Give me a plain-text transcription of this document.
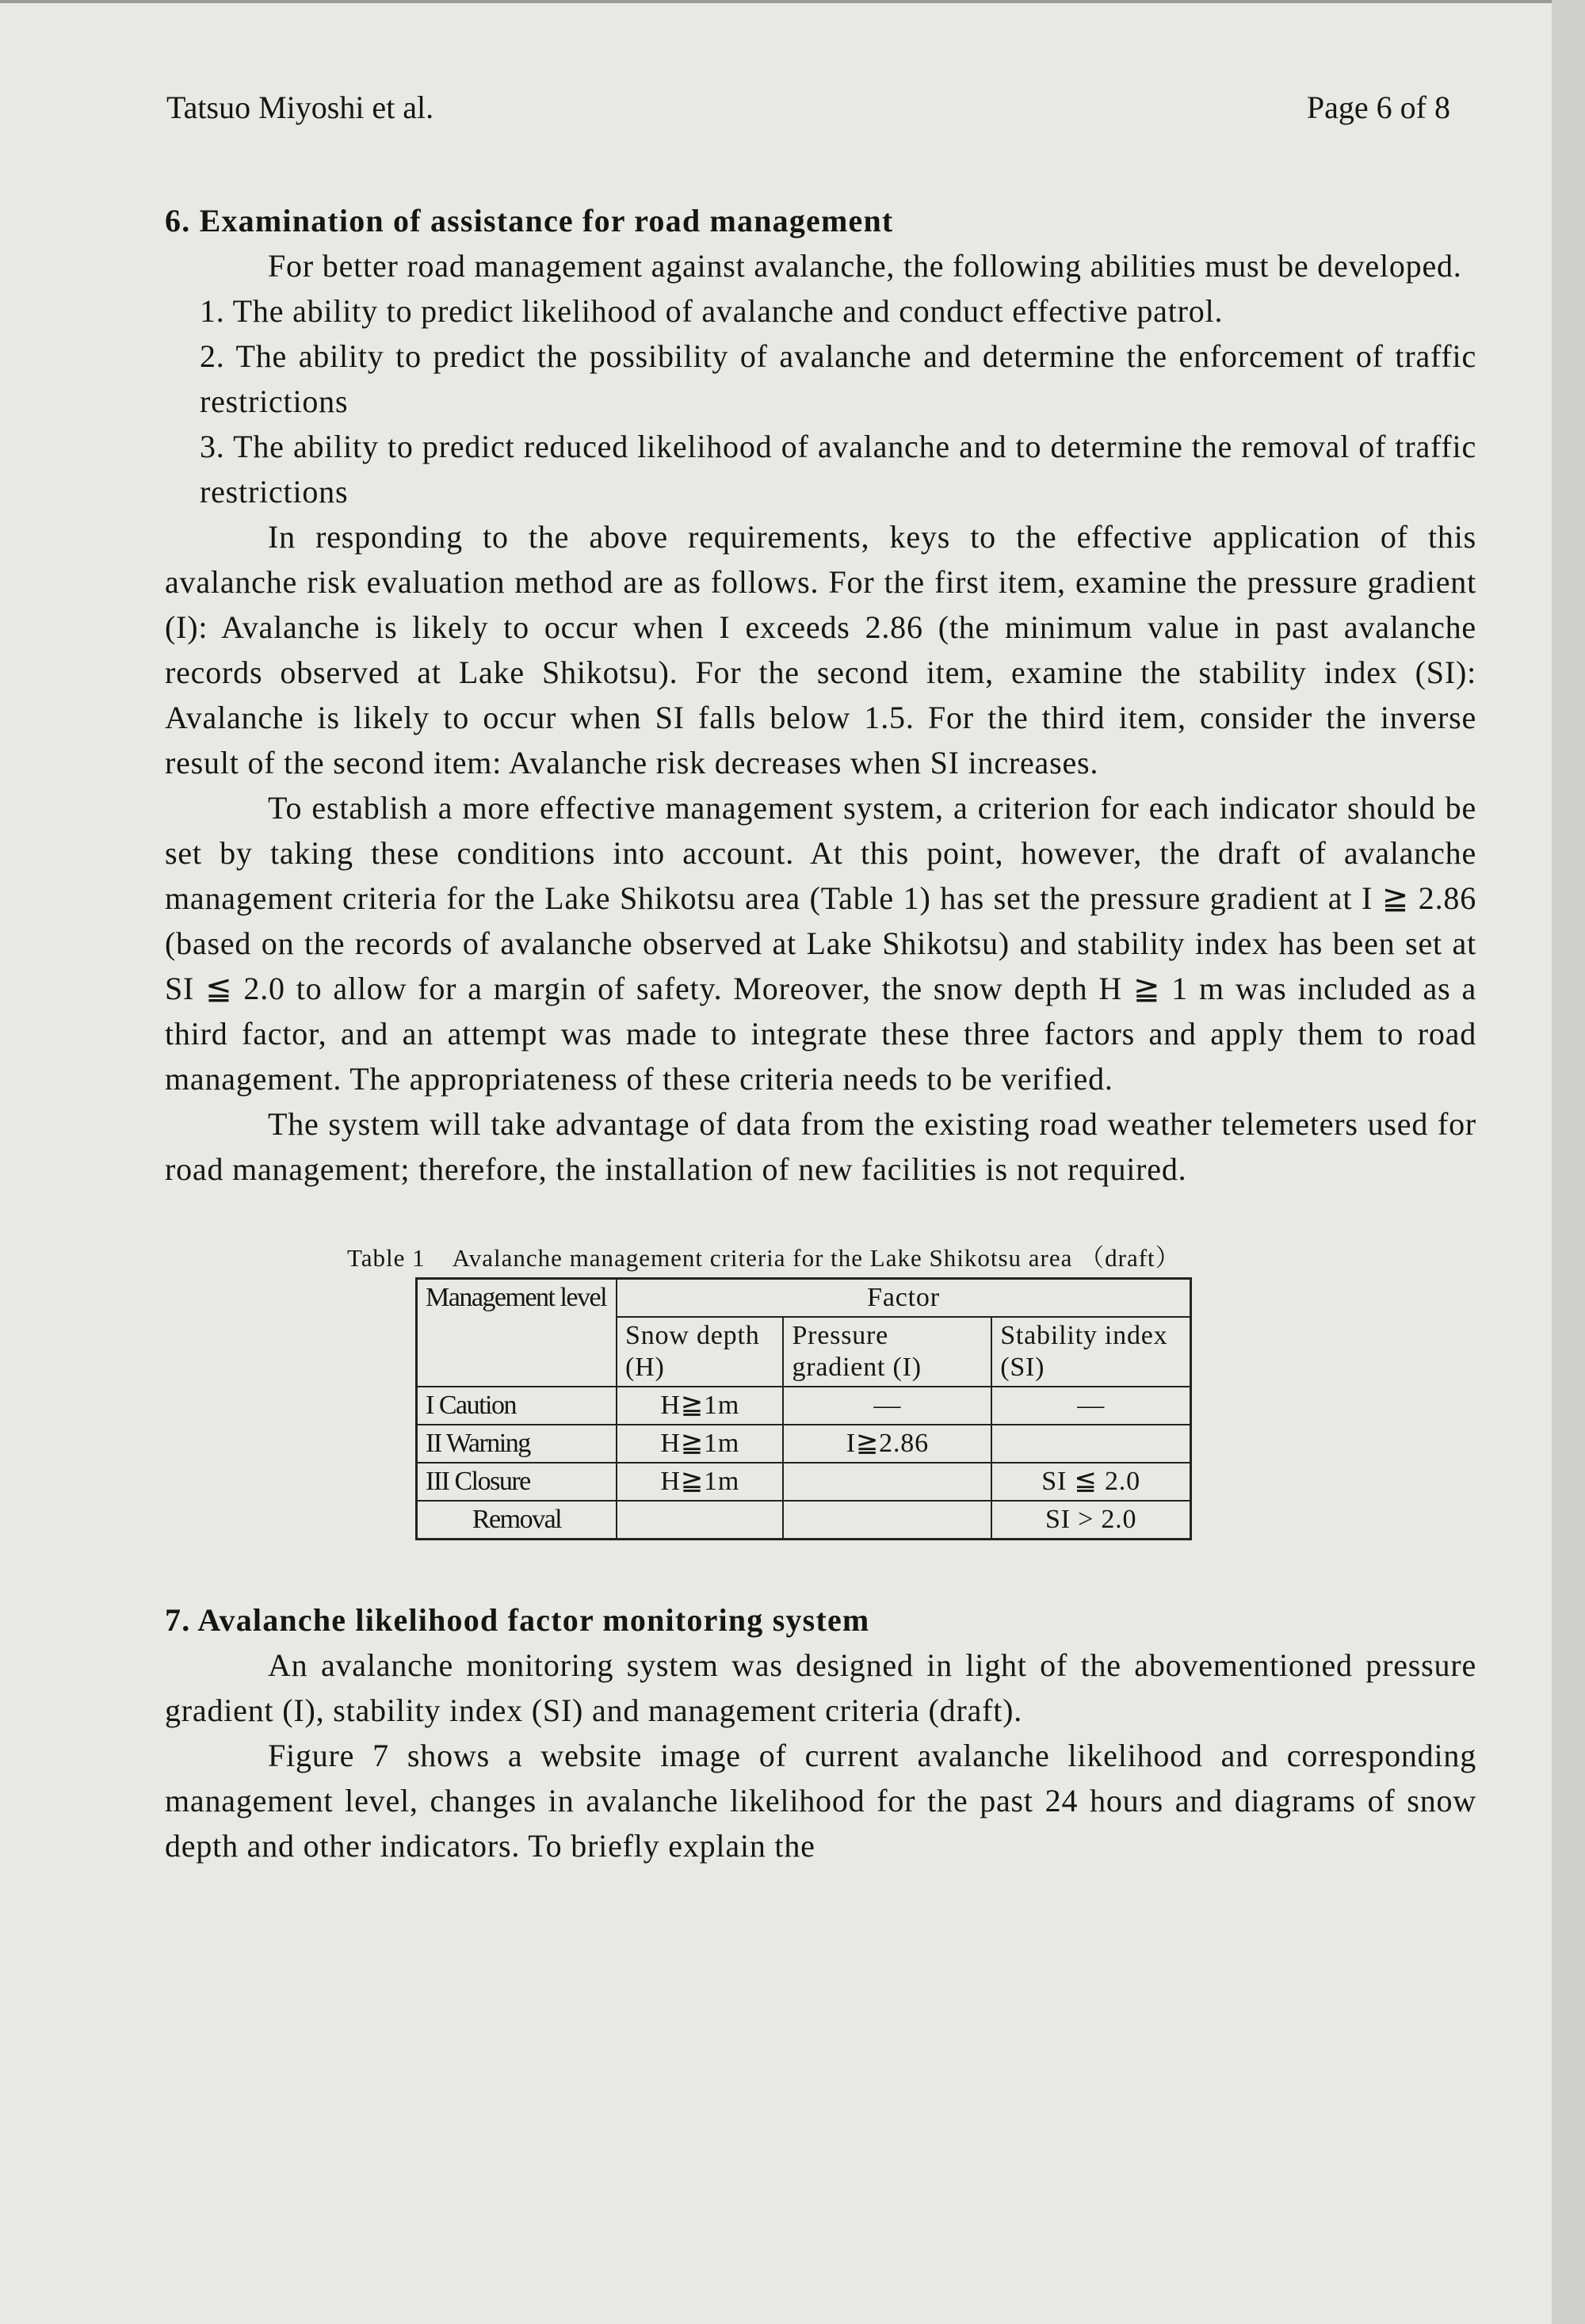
Tatsuo Miyoshi et al.	Page 6 of 8
6. Examination of assistance for road management

For better road management against avalanche, the following abilities must be developed.

1. The ability to predict likelihood of avalanche and conduct effective patrol.
2. The ability to predict the possibility of avalanche and determine the enforcement of traffic restrictions
3. The ability to predict reduced likelihood of avalanche and to determine the removal of traffic restrictions

In responding to the above requirements, keys to the effective application of this avalanche risk evaluation method are as follows. For the first item, examine the pressure gradient (I): Avalanche is likely to occur when I exceeds 2.86 (the minimum value in past avalanche records observed at Lake Shikotsu). For the second item, examine the stability index (SI): Avalanche is likely to occur when SI falls below 1.5. For the third item, consider the inverse result of the second item: Avalanche risk decreases when SI increases.

To establish a more effective management system, a criterion for each indicator should be set by taking these conditions into account. At this point, however, the draft of avalanche management criteria for the Lake Shikotsu area (Table 1) has set the pressure gradient at I ≧ 2.86 (based on the records of avalanche observed at Lake Shikotsu) and stability index has been set at SI ≦ 2.0 to allow for a margin of safety. Moreover, the snow depth H ≧ 1 m was included as a third factor, and an attempt was made to integrate these three factors and apply them to road management. The appropriateness of these criteria needs to be verified.

The system will take advantage of data from the existing road weather telemeters used for road management; therefore, the installation of new facilities is not required.

Table 1 Avalanche management criteria for the Lake Shikotsu area （draft）
Management level	Factor		
	Snow depth (H)	Pressure gradient (I)	Stability index (SI)
I Caution	H≧1m	—	—
II Warning	H≧1m	I≧2.86	
III Closure	H≧1m		SI ≦ 2.0
Removal			SI > 2.0
7. Avalanche likelihood factor monitoring system

An avalanche monitoring system was designed in light of the abovementioned pressure gradient (I), stability index (SI) and management criteria (draft).

Figure 7 shows a website image of current avalanche likelihood and corresponding management level, changes in avalanche likelihood for the past 24 hours and diagrams of snow depth and other indicators. To briefly explain the
